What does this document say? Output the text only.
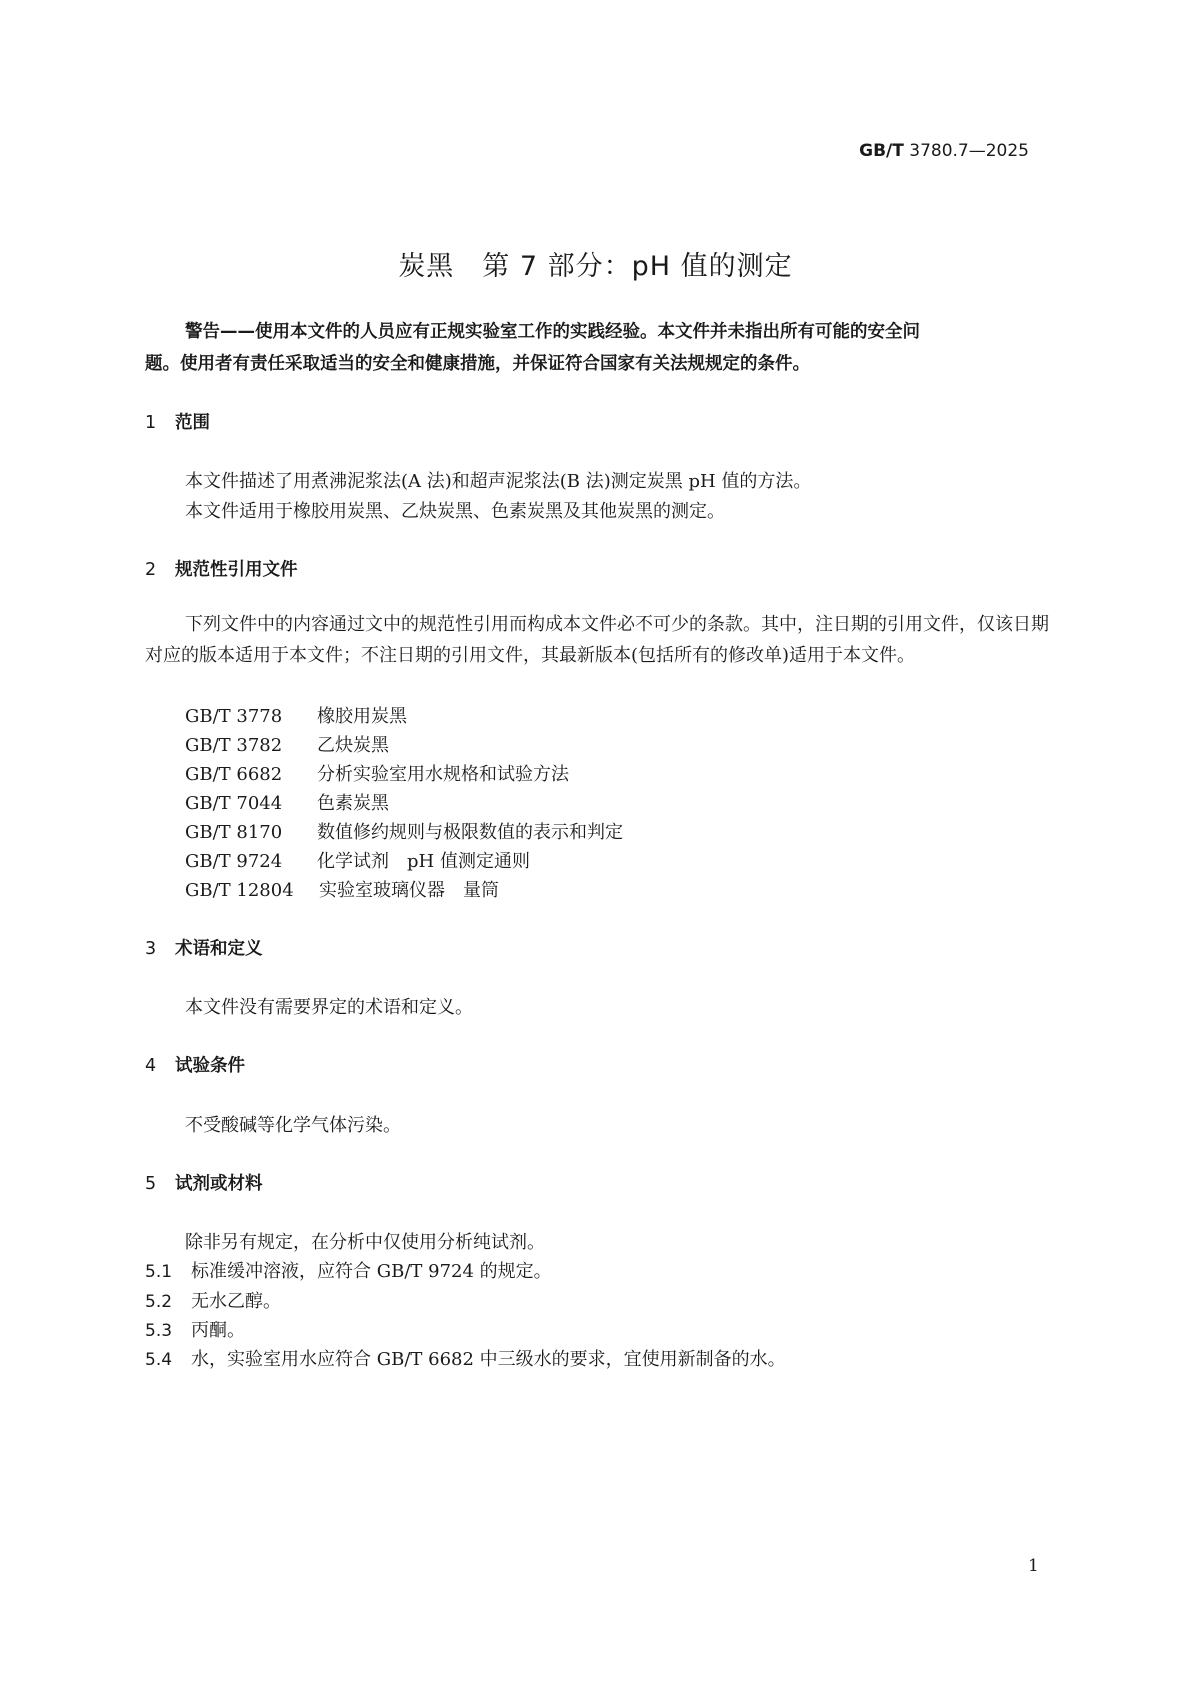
GB/T 3780.7—2025
炭黑　第 7 部分：pH 值的测定

警告——使用本文件的人员应有正规实验室工作的实践经验。本文件并未指出所有可能的安全问

题。使用者有责任采取适当的安全和健康措施，并保证符合国家有关法规规定的条件。

1 范围
本文件描述了用煮沸泥浆法(A 法)和超声泥浆法(B 法)测定炭黑 pH 值的方法。
本文件适用于橡胶用炭黑、乙炔炭黑、色素炭黑及其他炭黑的测定。
2 规范性引用文件

下列文件中的内容通过文中的规范性引用而构成本文件必不可少的条款。其中，注日期的引用文件，仅该日期对应的版本适用于本文件；不注日期的引用文件，其最新版本(包括所有的修改单)适用于本文件。

GB/T 3778 橡胶用炭黑
GB/T 3782 乙炔炭黑
GB/T 6682 分析实验室用水规格和试验方法
GB/T 7044 色素炭黑
GB/T 8170 数值修约规则与极限数值的表示和判定
GB/T 9724 化学试剂　pH 值测定通则
GB/T 12804 实验室玻璃仪器　量筒
3 术语和定义
本文件没有需要界定的术语和定义。
4 试验条件
不受酸碱等化学气体污染。
5 试剂或材料
除非另有规定，在分析中仅使用分析纯试剂。
5.1 标准缓冲溶液，应符合 GB/T 9724 的规定。
5.2 无水乙醇。
5.3 丙酮。
5.4 水，实验室用水应符合 GB/T 6682 中三级水的要求，宜使用新制备的水。
1
